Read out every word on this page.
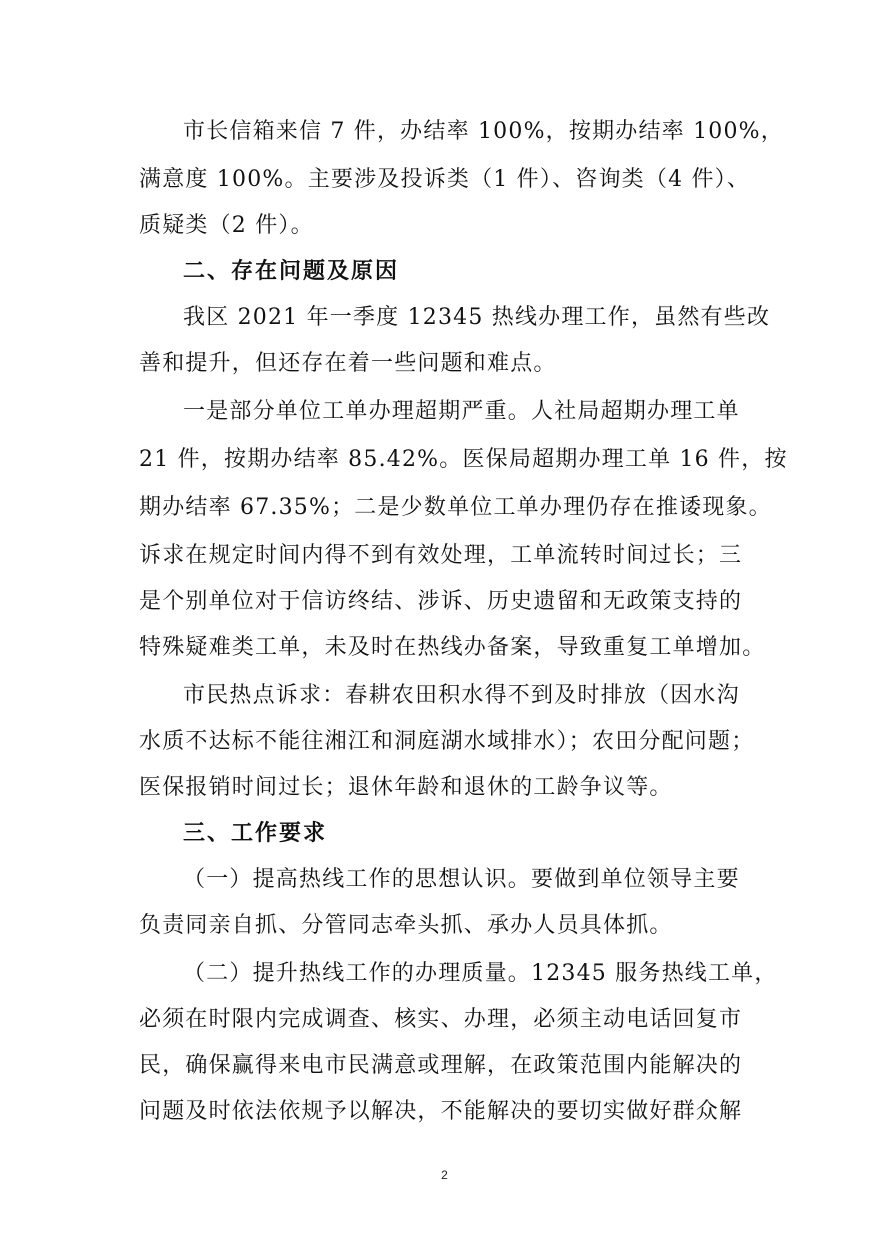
市长信箱来信 7 件，办结率 100%，按期办结率 100%，
满意度 100%。主要涉及投诉类（1 件）、咨询类（4 件）、
质疑类（2 件）。
二、存在问题及原因
我区 2021 年一季度 12345 热线办理工作，虽然有些改
善和提升，但还存在着一些问题和难点。
一是部分单位工单办理超期严重。人社局超期办理工单
21 件，按期办结率 85.42%。医保局超期办理工单 16 件，按
期办结率 67.35%；二是少数单位工单办理仍存在推诿现象。
诉求在规定时间内得不到有效处理，工单流转时间过长；三
是个别单位对于信访终结、涉诉、历史遗留和无政策支持的
特殊疑难类工单，未及时在热线办备案，导致重复工单增加。
市民热点诉求：春耕农田积水得不到及时排放（因水沟
水质不达标不能往湘江和洞庭湖水域排水）；农田分配问题；
医保报销时间过长；退休年龄和退休的工龄争议等。
三、工作要求
（一）提高热线工作的思想认识。要做到单位领导主要
负责同亲自抓、分管同志牵头抓、承办人员具体抓。
（二）提升热线工作的办理质量。12345 服务热线工单，
必须在时限内完成调查、核实、办理，必须主动电话回复市
民，确保赢得来电市民满意或理解，在政策范围内能解决的
问题及时依法依规予以解决，不能解决的要切实做好群众解
2
